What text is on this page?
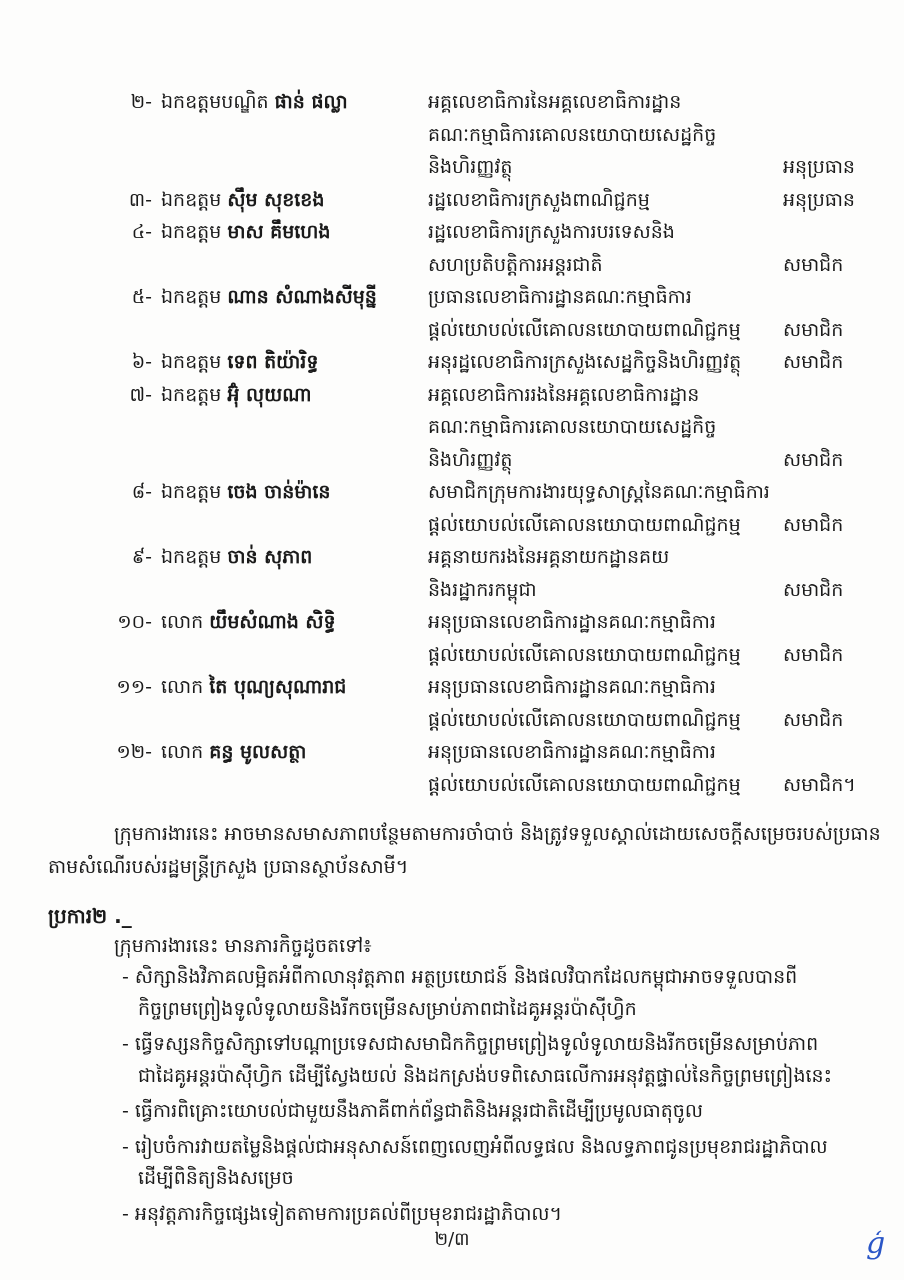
២- ឯកឧត្តមបណ្ឌិត ផាន់ ផល្លា	អគ្គលេខាធិការនៃអគ្គលេខាធិការដ្ឋាន
គណៈកម្មាធិការគោលនយោបាយសេដ្ឋកិច្ច
និងហិរញ្ញវត្ថុ	អនុប្រធាន
៣- ឯកឧត្តម ស៊ឹម សុខខេង	រដ្ឋលេខាធិការក្រសួងពាណិជ្ជកម្ម	អនុប្រធាន
៤- ឯកឧត្តម មាស គឹមហេង	រដ្ឋលេខាធិការក្រសួងការបរទេសនិង
សហប្រតិបត្តិការអន្តរជាតិ	សមាជិក
៥- ឯកឧត្តម ណាន សំណាងសីមុន្នី	ប្រធានលេខាធិការដ្ឋានគណៈកម្មាធិការ
ផ្ដល់យោបល់លើគោលនយោបាយពាណិជ្ជកម្ម សមាជិក
៦- ឯកឧត្តម ទេព តិយ៉ារិទ្ធ	អនុរដ្ឋលេខាធិការក្រសួងសេដ្ឋកិច្ចនិងហិរញ្ញវត្ថុ សមាជិក
៧- ឯកឧត្តម អ៊ុំ លុយណា	អគ្គលេខាធិការរងនៃអគ្គលេខាធិការដ្ឋាន
គណៈកម្មាធិការគោលនយោបាយសេដ្ឋកិច្ច
និងហិរញ្ញវត្ថុ	សមាជិក
៨- ឯកឧត្តម ចេង ចាន់ម៉ានេ	សមាជិកក្រុមការងារយុទ្ធសាស្ត្រនៃគណៈកម្មាធិការ
ផ្ដល់យោបល់លើគោលនយោបាយពាណិជ្ជកម្ម សមាជិក
៩- ឯកឧត្តម ចាន់ សុភាព	អគ្គនាយករងនៃអគ្គនាយកដ្ឋានគយ
និងរដ្ឋាករកម្ពុជា	សមាជិក
១០- លោក យឹមសំណាង សិទ្ធិ	អនុប្រធានលេខាធិការដ្ឋានគណៈកម្មាធិការ
ផ្ដល់យោបល់លើគោលនយោបាយពាណិជ្ជកម្ម សមាជិក
១១- លោក តៃ បុណ្យសុណារាជ	អនុប្រធានលេខាធិការដ្ឋានគណៈកម្មាធិការ
ផ្ដល់យោបល់លើគោលនយោបាយពាណិជ្ជកម្ម សមាជិក
១២- លោក គន្ធ មូលសត្ថា	អនុប្រធានលេខាធិការដ្ឋានគណៈកម្មាធិការ
ផ្ដល់យោបល់លើគោលនយោបាយពាណិជ្ជកម្ម សមាជិក។
ក្រុមការងារនេះ អាចមានសមាសភាពបន្ថែមតាមការចាំបាច់ និងត្រូវទទួលស្គាល់ដោយសេចក្ដីសម្រេចរបស់ប្រធាន
តាមសំណើរបស់រដ្ឋមន្ត្រីក្រសួង ប្រធានស្ថាប័នសាមី។
ប្រការ២ ._
ក្រុមការងារនេះ មានភារកិច្ចដូចតទៅ៖
- សិក្សានិងវិភាគលម្អិតអំពីកាលានុវត្តភាព អត្ថប្រយោជន៍ និងផលវិបាកដែលកម្ពុជាអាចទទួលបានពី
កិច្ចព្រមព្រៀងទូលំទូលាយនិងរីកចម្រើនសម្រាប់ភាពជាដៃគូអន្តរប៉ាស៊ីហ្វិក
- ធ្វើទស្សនកិច្ចសិក្សាទៅបណ្ដាប្រទេសជាសមាជិកកិច្ចព្រមព្រៀងទូលំទូលាយនិងរីកចម្រើនសម្រាប់ភាព
ជាដៃគូអន្តរប៉ាស៊ីហ្វិក ដើម្បីស្វែងយល់ និងដកស្រង់បទពិសោធលើការអនុវត្តផ្ទាល់នៃកិច្ចព្រមព្រៀងនេះ
- ធ្វើការពិគ្រោះយោបល់ជាមួយនឹងភាគីពាក់ព័ន្ធជាតិនិងអន្តរជាតិដើម្បីប្រមូលធាតុចូល
- រៀបចំការវាយតម្លៃនិងផ្ដល់ជាអនុសាសន៍ពេញលេញអំពីលទ្ធផល និងលទ្ធភាពជូនប្រមុខរាជរដ្ឋាភិបាល
ដើម្បីពិនិត្យនិងសម្រេច
- អនុវត្តភារកិច្ចផ្សេងទៀតតាមការប្រគល់ពីប្រមុខរាជរដ្ឋាភិបាល។
២/៣	ģ
